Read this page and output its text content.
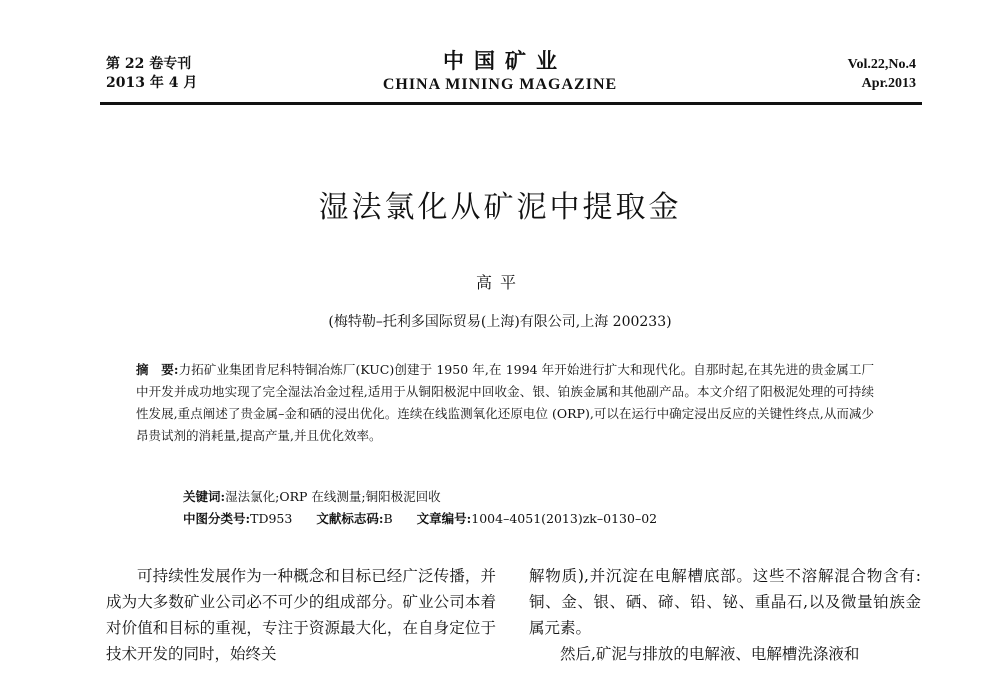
第 22 卷专刊
2013 年 4 月
中国矿业
CHINA MINING MAGAZINE
Vol.22,No.4
Apr.2013
湿法氯化从矿泥中提取金
高平
(梅特勒–托利多国际贸易(上海)有限公司,上海 200233)
摘　要:力拓矿业集团肯尼科特铜冶炼厂(KUC)创建于 1950 年,在 1994 年开始进行扩大和现代化。自那时起,在其先进的贵金属工厂中开发并成功地实现了完全湿法冶金过程,适用于从铜阳极泥中回收金、银、铂族金属和其他副产品。本文介绍了阳极泥处理的可持续性发展,重点阐述了贵金属–金和硒的浸出优化。连续在线监测氧化还原电位 (ORP),可以在运行中确定浸出反应的关键性终点,从而减少昂贵试剂的消耗量,提高产量,并且优化效率。
关键词:湿法氯化;ORP 在线测量;铜阳极泥回收
中图分类号:TD953 文献标志码:B 文章编号:1004–4051(2013)zk–0130–02
可持续性发展作为一种概念和目标已经广泛传播，并成为大多数矿业公司必不可少的组成部分。矿业公司本着对价值和目标的重视，专注于资源最大化，在自身定位于技术开发的同时，始终关

解物质),并沉淀在电解槽底部。这些不溶解混合物含有:铜、金、银、硒、碲、铅、铋、重晶石,以及微量铂族金属元素。

然后,矿泥与排放的电解液、电解槽洗涤液和
